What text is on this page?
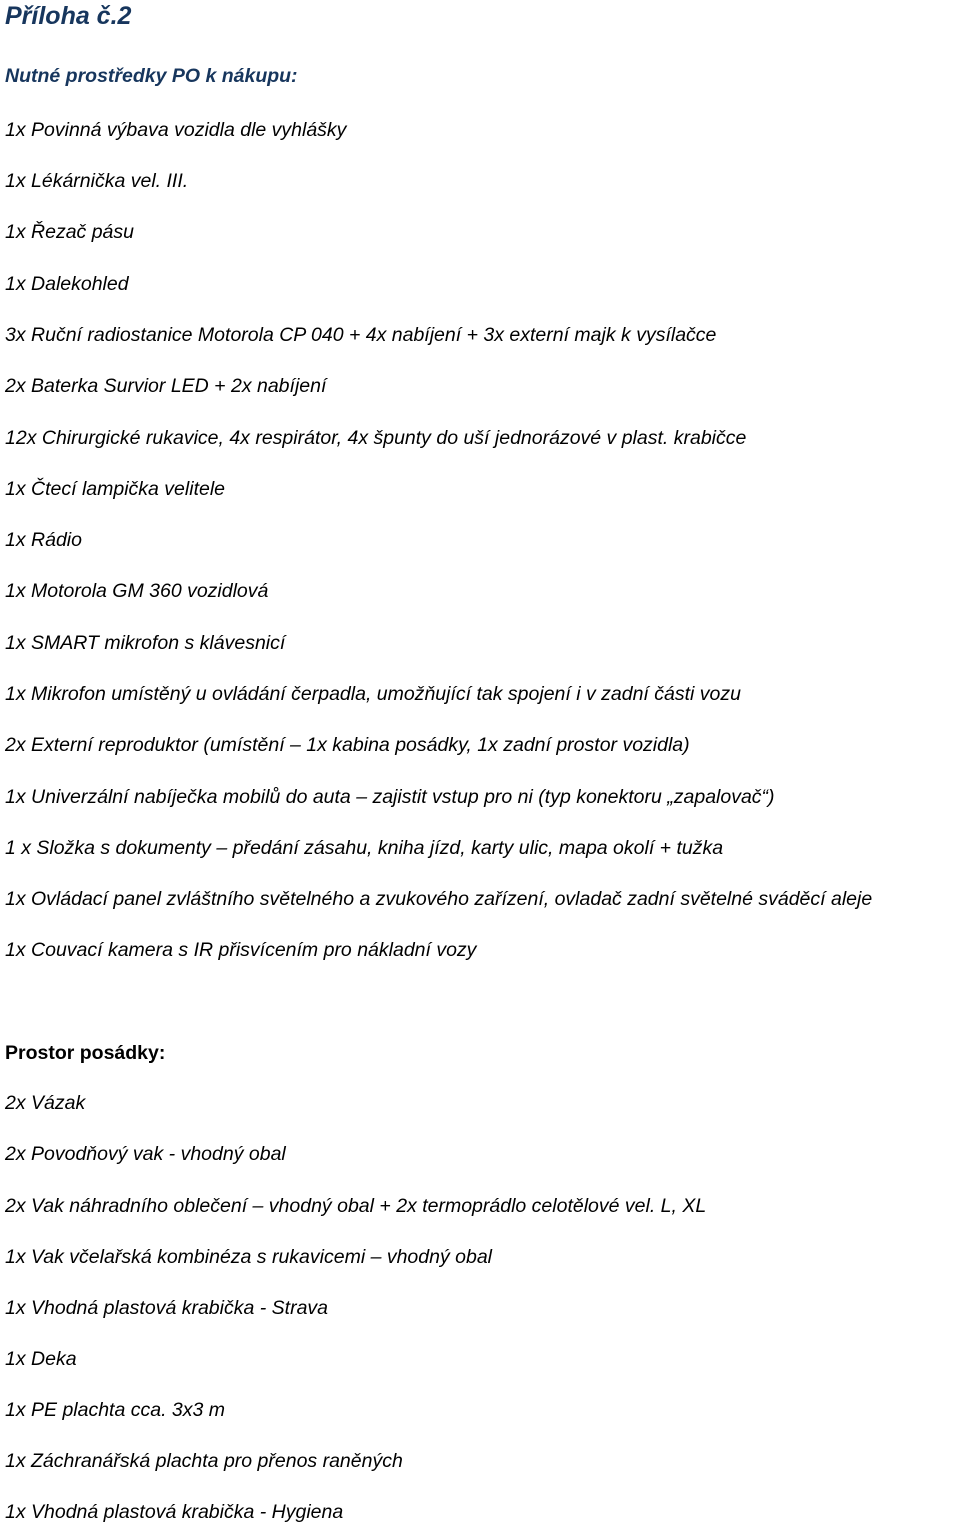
Příloha č.2

Nutné prostředky PO k nákupu:

1x Povinná výbava vozidla dle vyhlášky

1x Lékárnička vel. III.

1x Řezač pásu

1x Dalekohled

3x Ruční radiostanice Motorola CP 040 + 4x nabíjení + 3x externí majk k vysílačce

2x Baterka Survior LED + 2x nabíjení

12x Chirurgické rukavice, 4x respirátor, 4x špunty do uší jednorázové v plast. krabičce

1x Čtecí lampička velitele

1x Rádio

1x Motorola GM 360 vozidlová

1x SMART mikrofon s klávesnicí

1x Mikrofon umístěný u ovládání čerpadla, umožňující tak spojení i v zadní části vozu

2x Externí reproduktor (umístění – 1x kabina posádky, 1x zadní prostor vozidla)

1x Univerzální nabíječka mobilů do auta – zajistit vstup pro ni (typ konektoru „zapalovač“)

1 x Složka s dokumenty – předání zásahu, kniha jízd, karty ulic, mapa okolí + tužka

1x Ovládací panel zvláštního světelného a zvukového zařízení, ovladač zadní světelné sváděcí aleje

1x Couvací kamera s IR přisvícením pro nákladní vozy

Prostor posádky:

2x Vázak

2x Povodňový vak - vhodný obal

2x Vak náhradního oblečení – vhodný obal + 2x termoprádlo celotělové vel. L, XL

1x Vak včelařská kombinéza s rukavicemi – vhodný obal

1x Vhodná plastová krabička - Strava

1x Deka

1x PE plachta cca. 3x3 m

1x Záchranářská plachta pro přenos raněných

1x Vhodná plastová krabička - Hygiena
